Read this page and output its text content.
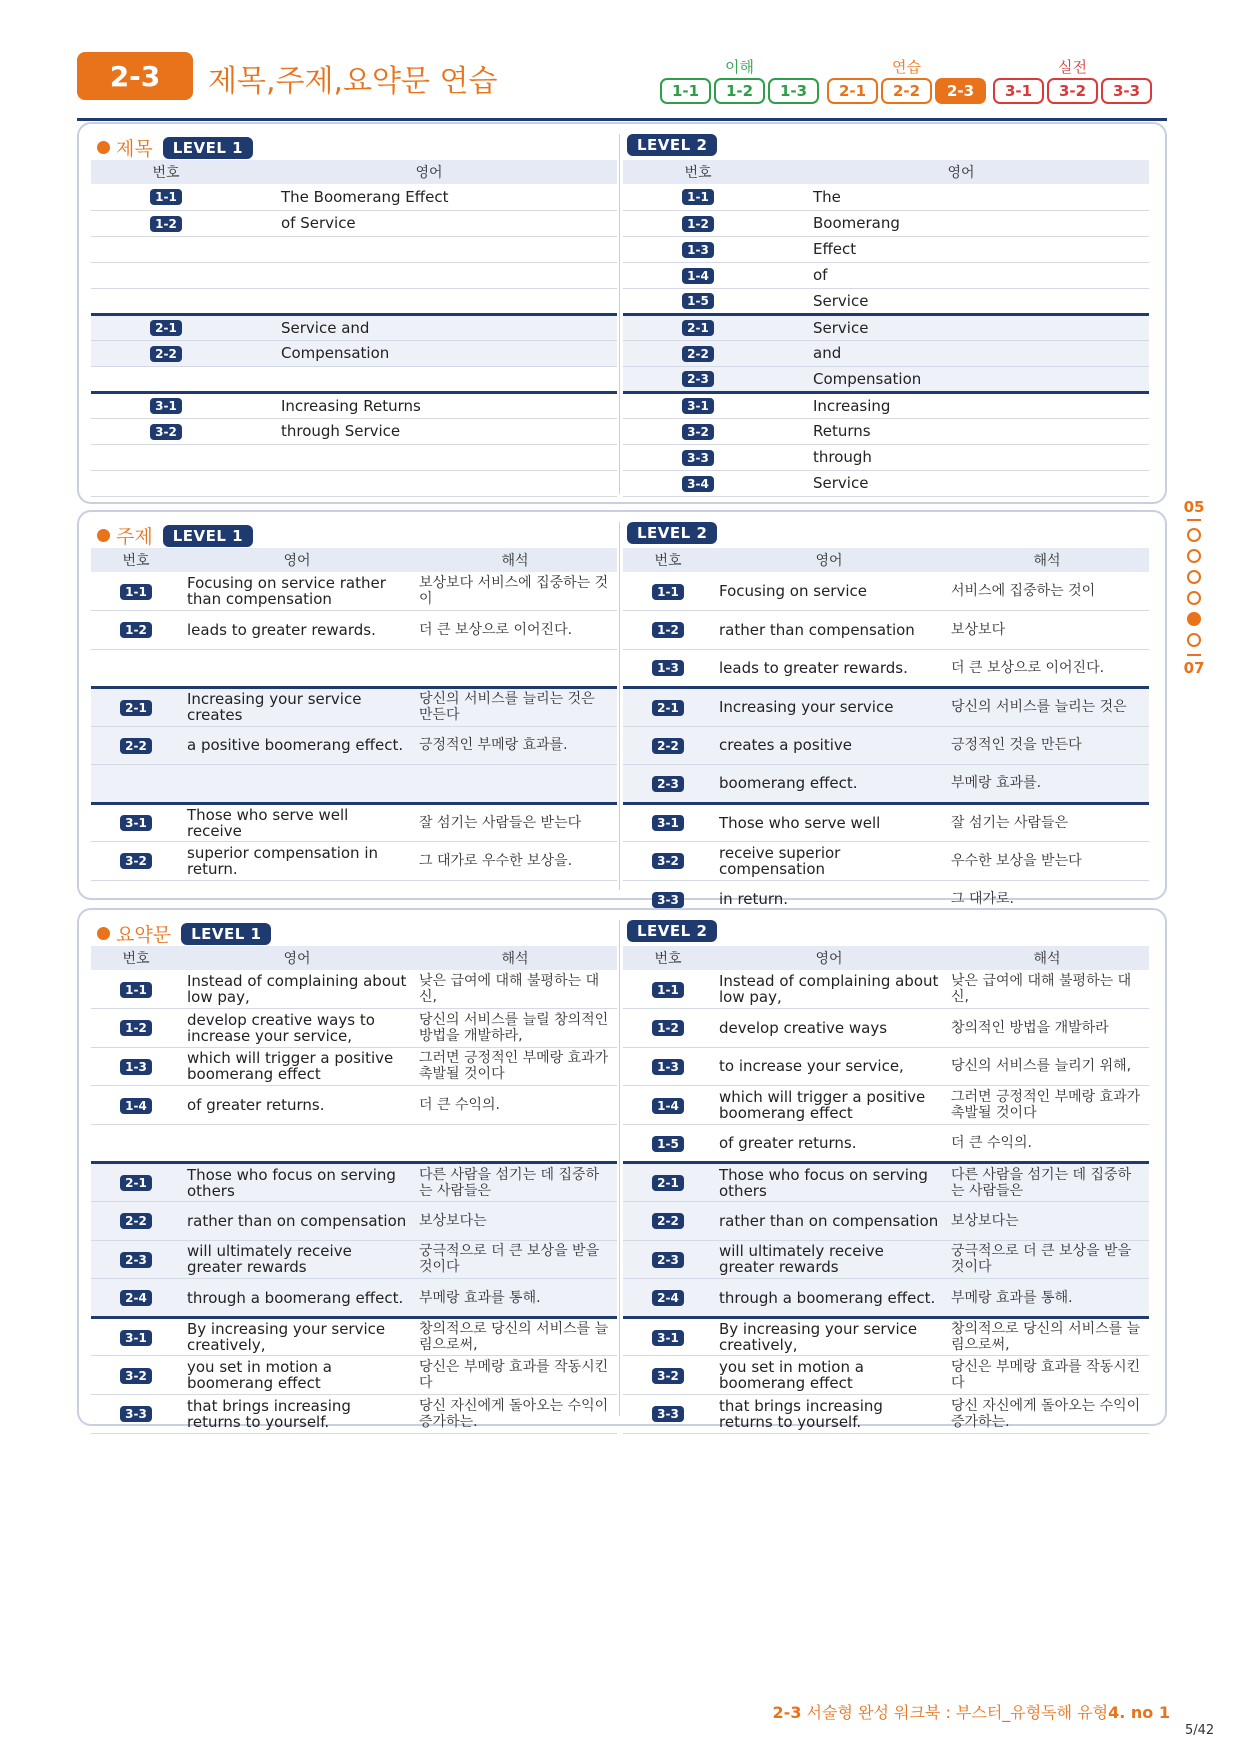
2-3	제목,주제,요약문 연습	이해
1-1	1-2	1-3
연습
2-1	2-2	2-3
실전
3-1	3-2	3-3
제목	LEVEL 1	LEVEL 2
번호	영어
1-1	The Boomerang Effect
1-2	of Service

2-1	Service and
2-2	Compensation

3-1	Increasing Returns
3-2	through Service

번호	영어
1-1	The
1-2	Boomerang
1-3	Effect
1-4	of
1-5	Service
2-1	Service
2-2	and
2-3	Compensation
3-1	Increasing
3-2	Returns
3-3	through
3-4	Service
주제	LEVEL 1	LEVEL 2
번호	영어	해석
1-1	Focusing on service rather than compensation	보상보다 서비스에 집중하는 것이
1-2	leads to greater rewards.	더 큰 보상으로 이어진다.

2-1	Increasing your service creates	당신의 서비스를 늘리는 것은 만든다
2-2	a positive boomerang effect.	긍정적인 부메랑 효과를.

3-1	Those who serve well receive	잘 섬기는 사람들은 받는다
3-2	superior compensation in return.	그 대가로 우수한 보상을.

번호	영어	해석
1-1	Focusing on service	서비스에 집중하는 것이
1-2	rather than compensation	보상보다
1-3	leads to greater rewards.	더 큰 보상으로 이어진다.
2-1	Increasing your service	당신의 서비스를 늘리는 것은
2-2	creates a positive	긍정적인 것을 만든다
2-3	boomerang effect.	부메랑 효과를.
3-1	Those who serve well	잘 섬기는 사람들은
3-2	receive superior compensation	우수한 보상을 받는다
3-3	in return.	그 대가로.
요약문	LEVEL 1	LEVEL 2
번호	영어	해석
1-1	Instead of complaining about low pay,	낮은 급여에 대해 불평하는 대신,
1-2	develop creative ways to increase your service,	당신의 서비스를 늘릴 창의적인 방법을 개발하라,
1-3	which will trigger a positive boomerang effect	그러면 긍정적인 부메랑 효과가 촉발될 것이다
1-4	of greater returns.	더 큰 수익의.

2-1	Those who focus on serving others	다른 사람을 섬기는 데 집중하는 사람들은
2-2	rather than on compensation	보상보다는
2-3	will ultimately receive greater rewards	궁극적으로 더 큰 보상을 받을 것이다
2-4	through a boomerang effect.	부메랑 효과를 통해.
3-1	By increasing your service creatively,	창의적으로 당신의 서비스를 늘림으로써,
3-2	you set in motion a boomerang effect	당신은 부메랑 효과를 작동시킨다
3-3	that brings increasing returns to yourself.	당신 자신에게 돌아오는 수익이 증가하는.
번호	영어	해석
1-1	Instead of complaining about low pay,	낮은 급여에 대해 불평하는 대신,
1-2	develop creative ways	창의적인 방법을 개발하라
1-3	to increase your service,	당신의 서비스를 늘리기 위해,
1-4	which will trigger a positive boomerang effect	그러면 긍정적인 부메랑 효과가 촉발될 것이다
1-5	of greater returns.	더 큰 수익의.
2-1	Those who focus on serving others	다른 사람을 섬기는 데 집중하는 사람들은
2-2	rather than on compensation	보상보다는
2-3	will ultimately receive greater rewards	궁극적으로 더 큰 보상을 받을 것이다
2-4	through a boomerang effect.	부메랑 효과를 통해.
3-1	By increasing your service creatively,	창의적으로 당신의 서비스를 늘림으로써,
3-2	you set in motion a boomerang effect	당신은 부메랑 효과를 작동시킨다
3-3	that brings increasing returns to yourself.	당신 자신에게 돌아오는 수익이 증가하는.
05
07
2-3 서술형 완성 워크북 : 부스터_유형독해 유형4. no 1
5/42
